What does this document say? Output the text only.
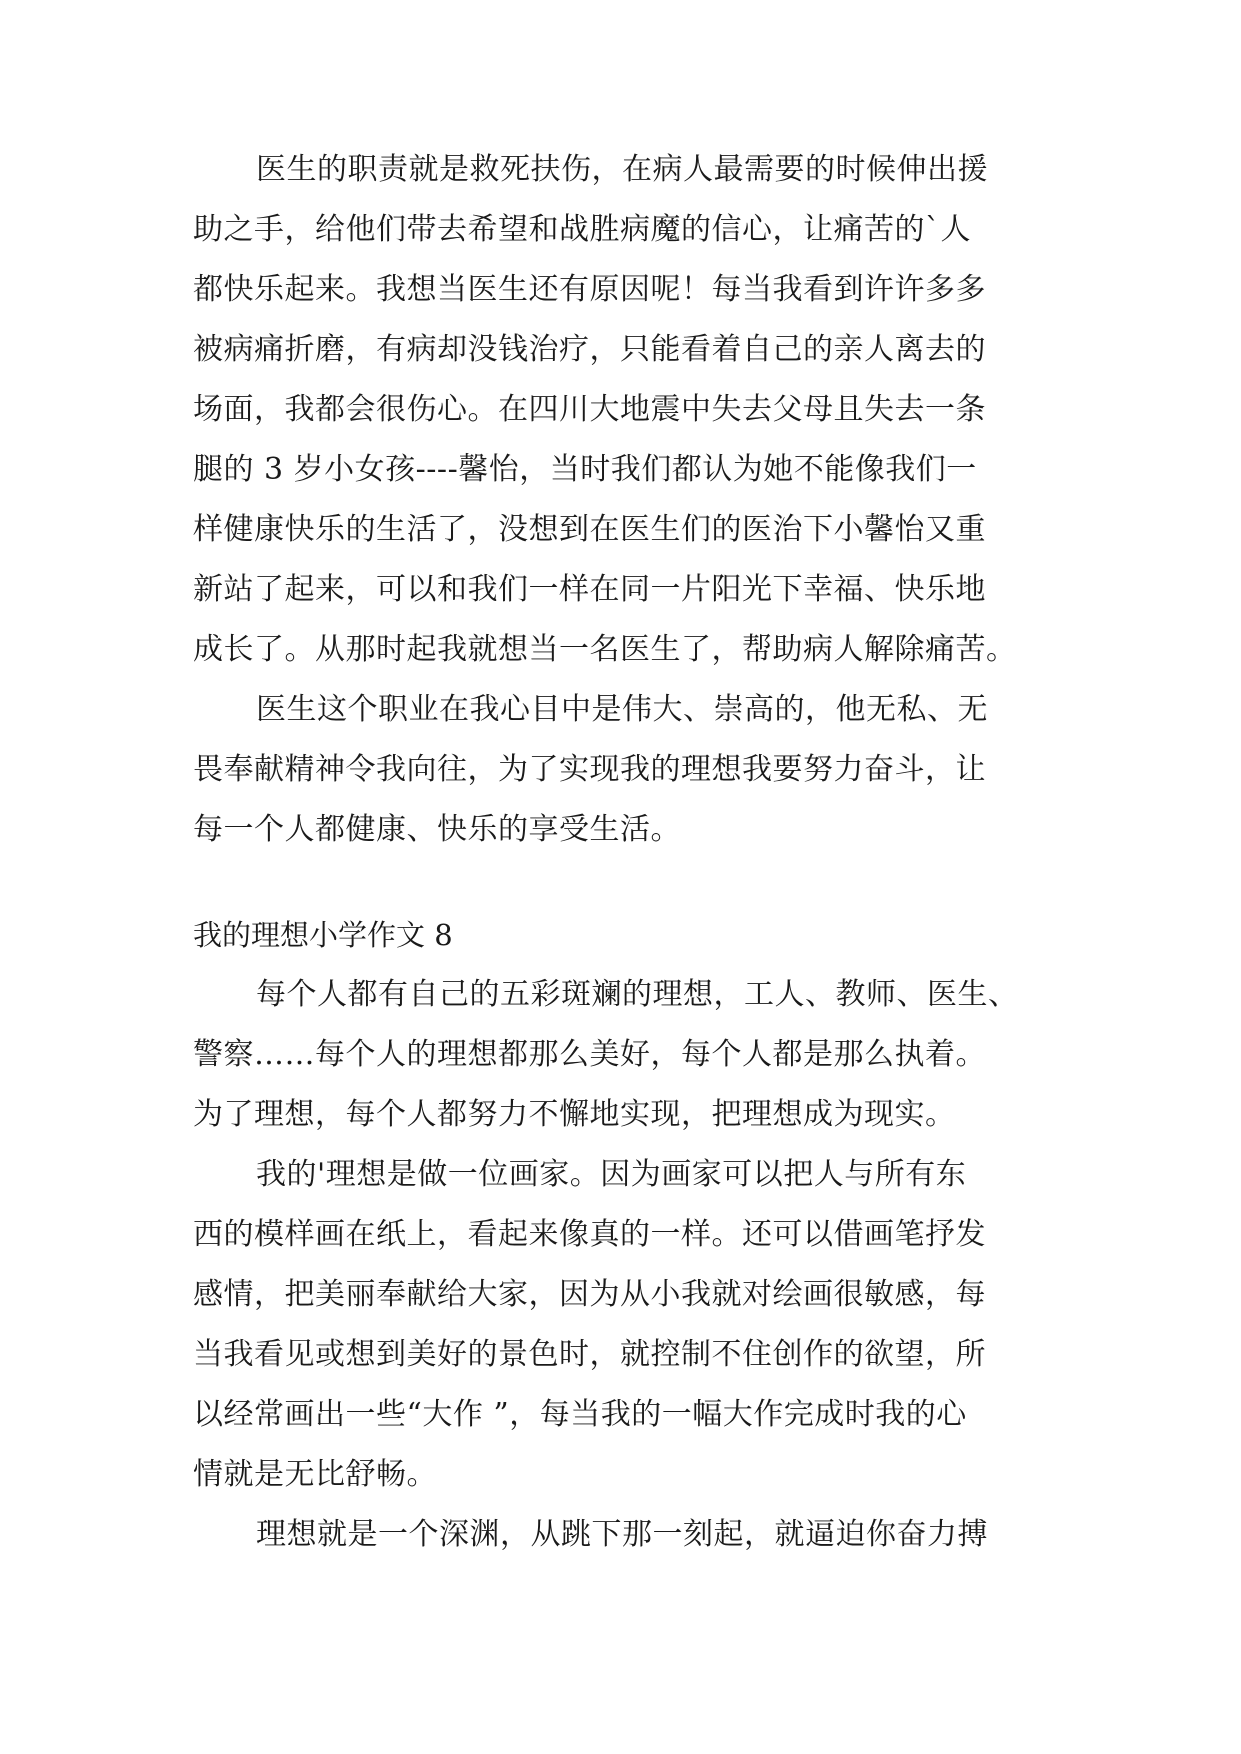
医生的职责就是救死扶伤，在病人最需要的时候伸出援
助之手，给他们带去希望和战胜病魔的信心，让痛苦的`人
都快乐起来。我想当医生还有原因呢！每当我看到许许多多
被病痛折磨，有病却没钱治疗，只能看着自己的亲人离去的
场面，我都会很伤心。在四川大地震中失去父母且失去一条
腿的 3 岁小女孩----馨怡，当时我们都认为她不能像我们一
样健康快乐的生活了，没想到在医生们的医治下小馨怡又重
新站了起来，可以和我们一样在同一片阳光下幸福、快乐地
成长了。从那时起我就想当一名医生了，帮助病人解除痛苦。
医生这个职业在我心目中是伟大、崇高的，他无私、无
畏奉献精神令我向往，为了实现我的理想我要努力奋斗，让
每一个人都健康、快乐的享受生活。
我的理想小学作文 8
每个人都有自己的五彩斑斓的理想，工人、教师、医生、
警察……每个人的理想都那么美好，每个人都是那么执着。
为了理想，每个人都努力不懈地实现，把理想成为现实。
我的'理想是做一位画家。因为画家可以把人与所有东
西的模样画在纸上，看起来像真的一样。还可以借画笔抒发
感情，把美丽奉献给大家，因为从小我就对绘画很敏感，每
当我看见或想到美好的景色时，就控制不住创作的欲望，所
以经常画出一些“大作 ”，每当我的一幅大作完成时我的心
情就是无比舒畅。
理想就是一个深渊，从跳下那一刻起，就逼迫你奋力搏
